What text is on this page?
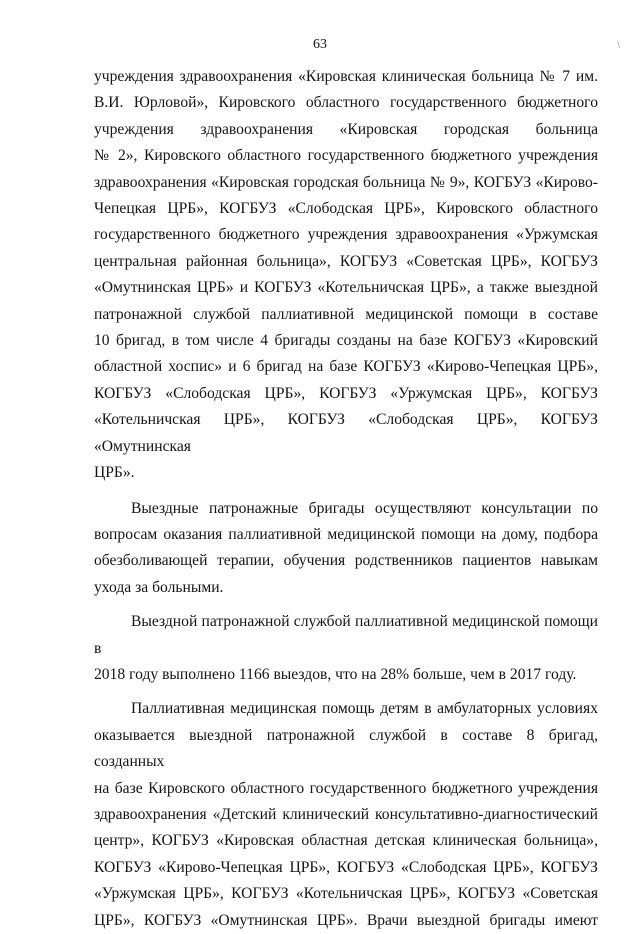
63	\
учреждения здравоохранения «Кировская клиническая больница № 7 им.
В.И. Юрловой», Кировского областного государственного бюджетного
учреждения здравоохранения «Кировская городская больница
№ 2», Кировского областного государственного бюджетного учреждения
здравоохранения «Кировская городская больница № 9», КОГБУЗ «Кирово-
Чепецкая ЦРБ», КОГБУЗ «Слободская ЦРБ», Кировского областного
государственного бюджетного учреждения здравоохранения «Уржумская
центральная районная больница», КОГБУЗ «Советская ЦРБ», КОГБУЗ
«Омутнинская ЦРБ» и КОГБУЗ «Котельничская ЦРБ», а также выездной
патронажной службой паллиативной медицинской помощи в составе
10 бригад, в том числе 4 бригады созданы на базе КОГБУЗ «Кировский
областной хоспис» и 6 бригад на базе КОГБУЗ «Кирово-Чепецкая ЦРБ»,
КОГБУЗ «Слободская ЦРБ», КОГБУЗ «Уржумская ЦРБ», КОГБУЗ
«Котельничская ЦРБ», КОГБУЗ «Слободская ЦРБ», КОГБУЗ «Омутнинская
ЦРБ».
Выездные патронажные бригады осуществляют консультации по
вопросам оказания паллиативной медицинской помощи на дому, подбора
обезболивающей терапии, обучения родственников пациентов навыкам
ухода за больными.
Выездной патронажной службой паллиативной медицинской помощи в
2018 году выполнено 1166 выездов, что на 28% больше, чем в 2017 году.
Паллиативная медицинская помощь детям в амбулаторных условиях
оказывается выездной патронажной службой в составе 8 бригад, созданных
на базе Кировского областного государственного бюджетного учреждения
здравоохранения «Детский клинический консультативно-диагностический
центр», КОГБУЗ «Кировская областная детская клиническая больница»,
КОГБУЗ «Кирово-Чепецкая ЦРБ», КОГБУЗ «Слободская ЦРБ», КОГБУЗ
«Уржумская ЦРБ», КОГБУЗ «Котельничская ЦРБ», КОГБУЗ «Советская
ЦРБ», КОГБУЗ «Омутнинская ЦРБ». Врачи выездной бригады имеют
